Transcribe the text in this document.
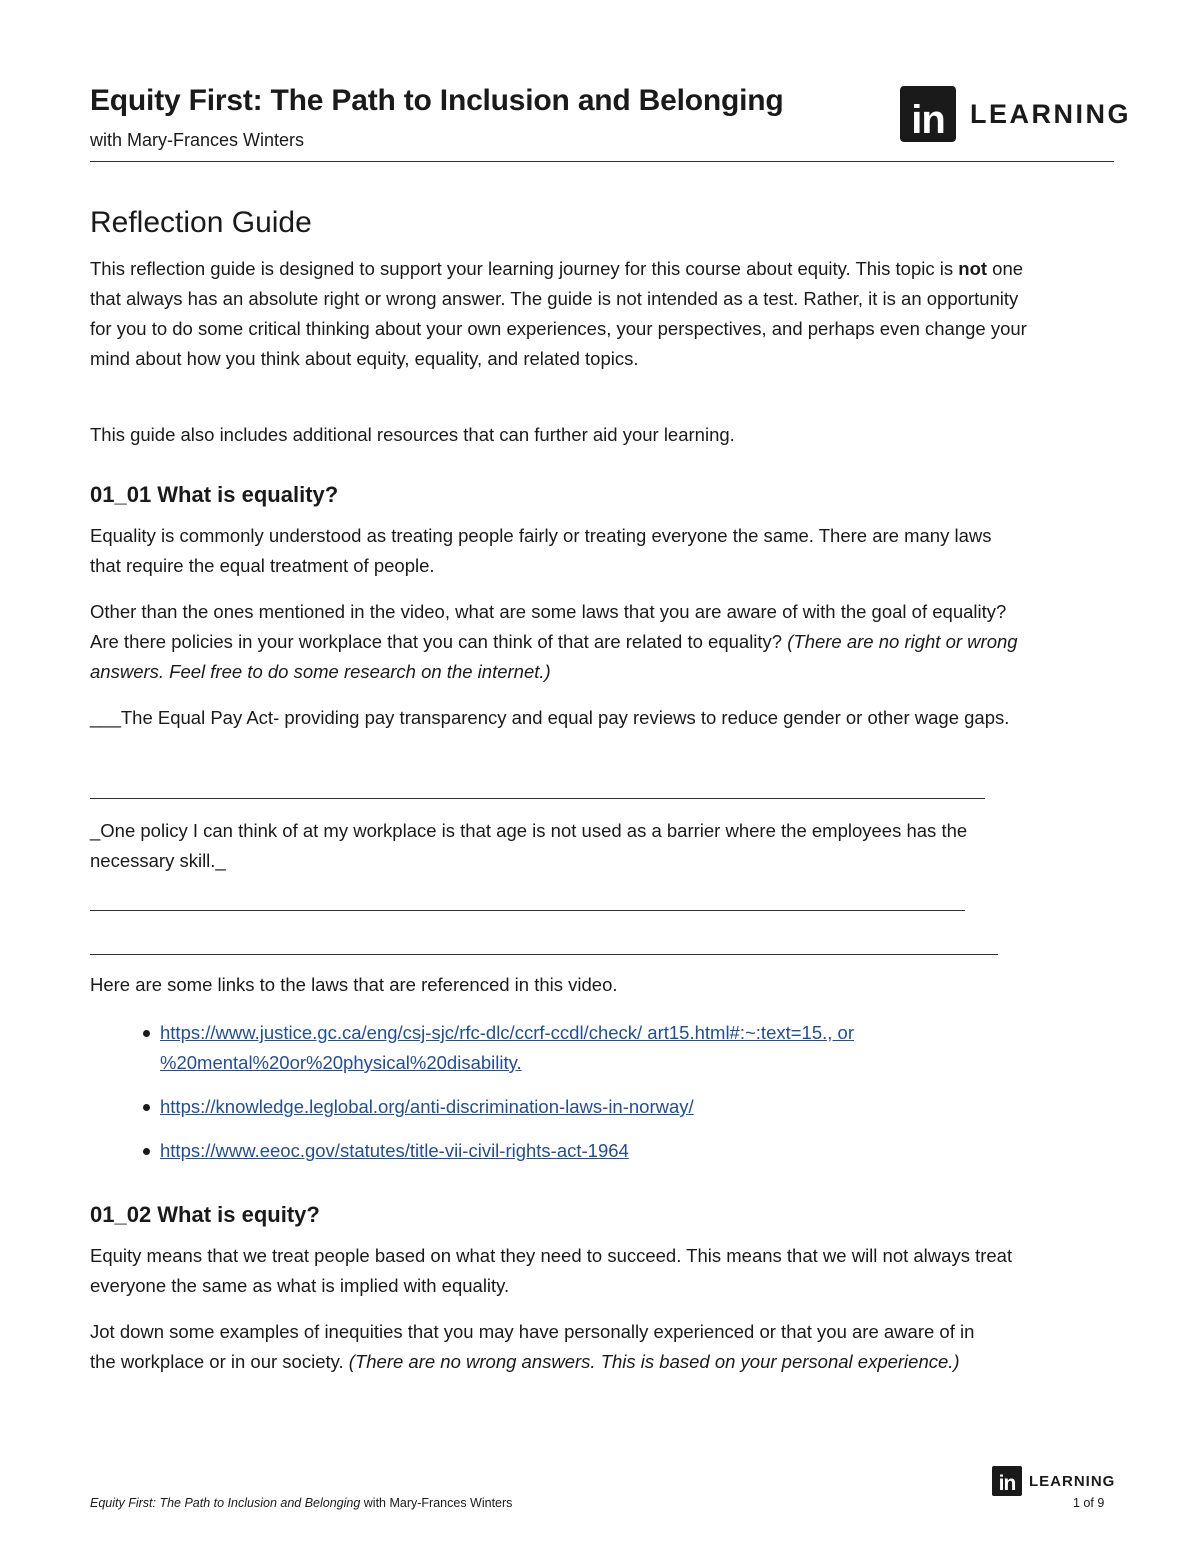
Equity First: The Path to Inclusion and Belonging
with Mary-Frances Winters	in LEARNING
Reflection Guide
This reflection guide is designed to support your learning journey for this course about equity. This topic is not one that always has an absolute right or wrong answer. The guide is not intended as a test. Rather, it is an opportunity for you to do some critical thinking about your own experiences, your perspectives, and perhaps even change your mind about how you think about equity, equality, and related topics.
This guide also includes additional resources that can further aid your learning.
01_01 What is equality?
Equality is commonly understood as treating people fairly or treating everyone the same. There are many laws that require the equal treatment of people.
Other than the ones mentioned in the video, what are some laws that you are aware of with the goal of equality? Are there policies in your workplace that you can think of that are related to equality? (There are no right or wrong answers. Feel free to do some research on the internet.)
___The Equal Pay Act- providing pay transparency and equal pay reviews to reduce gender or other wage gaps.
_One policy I can think of at my workplace is that age is not used as a barrier where the employees has the necessary skill._
Here are some links to the laws that are referenced in this video.
https://www.justice.gc.ca/eng/csj-sjc/rfc-dlc/ccrf-ccdl/check/ art15.html#:~:text=15., or %20mental%20or%20physical%20disability.
https://knowledge.leglobal.org/anti-discrimination-laws-in-norway/
https://www.eeoc.gov/statutes/title-vii-civil-rights-act-1964
01_02 What is equity?
Equity means that we treat people based on what they need to succeed. This means that we will not always treat everyone the same as what is implied with equality.
Jot down some examples of inequities that you may have personally experienced or that you are aware of in the workplace or in our society. (There are no wrong answers. This is based on your personal experience.)
in LEARNING
Equity First: The Path to Inclusion and Belonging with Mary-Frances Winters	1 of 9
